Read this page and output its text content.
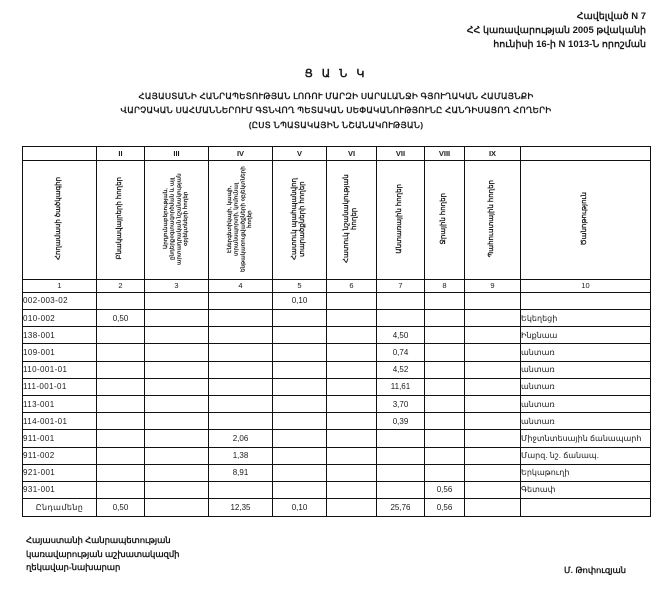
Հավելված N 7
ՀՀ կառավարության 2005 թվականի
հունիսի 16-ի N 1013-Ն որոշման
Ց Ա Ն Կ
ՀԱՅԱՍՏԱՆԻ ՀԱՆՐԱՊԵՏՈՒԹՅԱՆ ԼՈՌՈՒ ՄԱՐԶԻ ՍԱՐԱԼԱՆՋԻ ԳՅՈՒՂԱԿԱՆ ՀԱՄԱՅՆՔԻ
ՎԱՐՉԱԿԱՆ ՍԱՀՄԱՆՆԵՐՈՒՄ ԳՏՆՎՈՂ ՊԵՏԱԿԱՆ ՍԵՓԱԿԱՆՈՒԹՅՈՒՆԸ ՀԱՆԴԻՍԱՑՈՂ ՀՈՂԵՐԻ
(ԸՍՏ ՆՊԱՏԱԿԱՅԻՆ ՆՇԱՆԱԿՈՒԹՅԱՆ)
	II	III	IV	V	VI	VII	VIII	IX	
Հողամասի ծածկագիր	Բնակավայրերի հողեր	Արդյունաբերության, ընդերքօգտագործման և այլ արտադրական նշանակության օբյեկտների հողեր	Էներգետիկայի, կապի, տրանսպորտի, կոմունալ ենթակառուցվածքների օբյեկտների հողեր	Հատուկ պահպանվող տարածքների հողեր	Հատուկ նշանակության հողեր	Անտառային հողեր	Ջրային հողեր	Պահուստային հողեր	Ծանոթություն
1	2	3	4	5	6	7	8	9	10
002-003-02				0,10					
010-002	0,50								Եկեղեցի
138-001						4,50			Ինքնաա
109-001						0,74			անտառ
110-001-01						4,52			անտառ
111-001-01						11,61			անտառ
113-001						3,70			անտառ
114-001-01						0,39			անտառ
911-001			2,06						Միջտնտեսային ճանապարհ
911-002			1,38						Մարզ. նշ. ճանապ.
921-001			8,91						Երկաթուղի
931-001							0,56		Գետափ
Ընդամենը	0,50		12,35	0,10		25,76	0,56		
Հայաստանի Հանրապետության
կառավարության աշխատակազմի
ղեկավար-նախարար	Մ. Թոփուզյան
